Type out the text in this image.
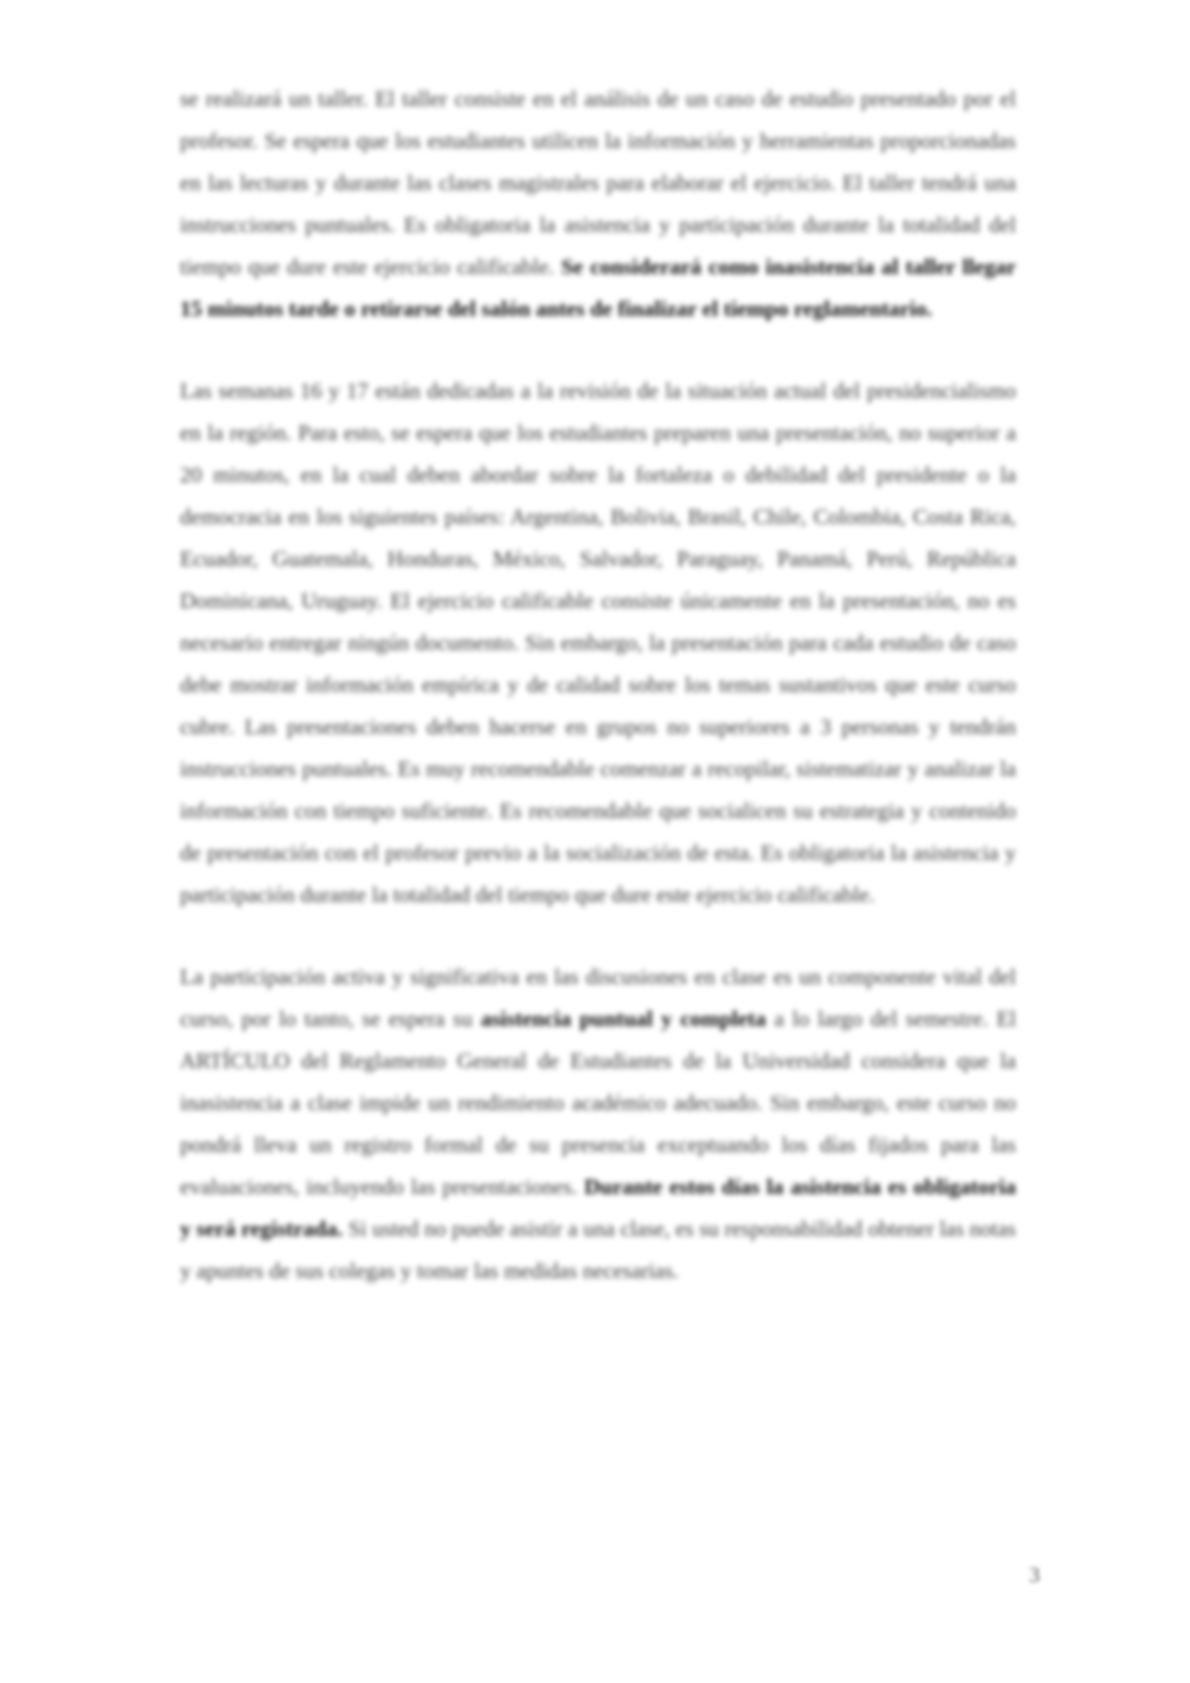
se realizará un taller. El taller consiste en el análisis de un caso de estudio presentado por el profesor. Se espera que los estudiantes utilicen la información y herramientas proporcionadas en las lecturas y durante las clases magistrales para elaborar el ejercicio. El taller tendrá una instrucciones puntuales. Es obligatoria la asistencia y participación durante la totalidad del tiempo que dure este ejercicio calificable. Se considerará como inasistencia al taller llegar 15 minutos tarde o retirarse del salón antes de finalizar el tiempo reglamentario.

Las semanas 16 y 17 están dedicadas a la revisión de la situación actual del presidencialismo en la región. Para esto, se espera que los estudiantes preparen una presentación, no superior a 20 minutos, en la cual deben abordar sobre la fortaleza o debilidad del presidente o la democracia en los siguientes países: Argentina, Bolivia, Brasil, Chile, Colombia, Costa Rica, Ecuador, Guatemala, Honduras, México, Salvador, Paraguay, Panamá, Perú, República Dominicana, Uruguay. El ejercicio calificable consiste únicamente en la presentación, no es necesario entregar ningún documento. Sin embargo, la presentación para cada estudio de caso debe mostrar información empírica y de calidad sobre los temas sustantivos que este curso cubre. Las presentaciones deben hacerse en grupos no superiores a 3 personas y tendrán instrucciones puntuales. Es muy recomendable comenzar a recopilar, sistematizar y analizar la información con tiempo suficiente. Es recomendable que socialicen su estrategia y contenido de presentación con el profesor previo a la socialización de esta. Es obligatoria la asistencia y participación durante la totalidad del tiempo que dure este ejercicio calificable.

La participación activa y significativa en las discusiones en clase es un componente vital del curso, por lo tanto, se espera su asistencia puntual y completa a lo largo del semestre. El ARTÍCULO del Reglamento General de Estudiantes de la Universidad considera que la inasistencia a clase impide un rendimiento académico adecuado. Sin embargo, este curso no pondrá lleva un registro formal de su presencia exceptuando los días fijados para las evaluaciones, incluyendo las presentaciones. Durante estos días la asistencia es obligatoria y será registrada. Si usted no puede asistir a una clase, es su responsabilidad obtener las notas y apuntes de sus colegas y tomar las medidas necesarias.

3
